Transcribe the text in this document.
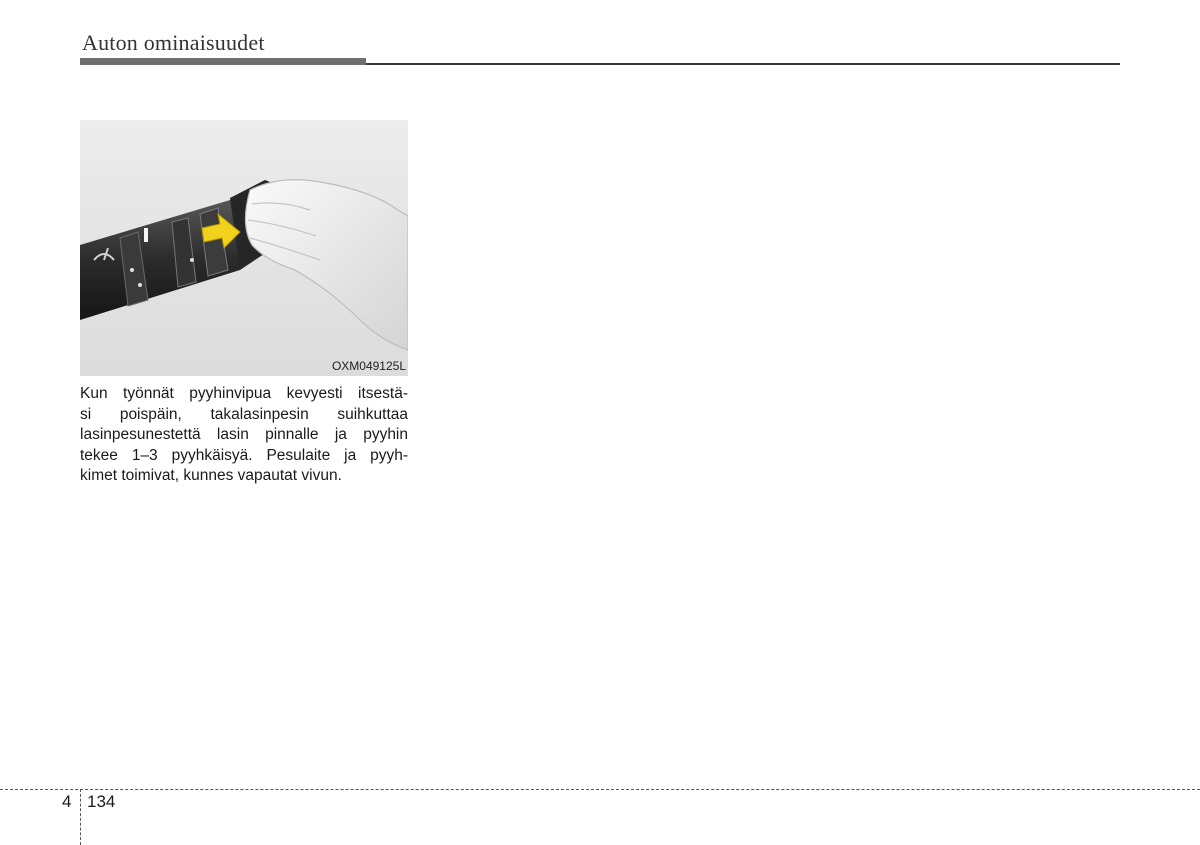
Auton ominaisuudet
OXM049125L
Kun työnnät pyyhinvipua kevyesti itsestä-
si poispäin, takalasinpesin suihkuttaa
lasinpesunestettä lasin pinnalle ja pyyhin
tekee 1–3 pyyhkäisyä. Pesulaite ja pyyh-
kimet toimivat, kunnes vapautat vivun.
4 134
